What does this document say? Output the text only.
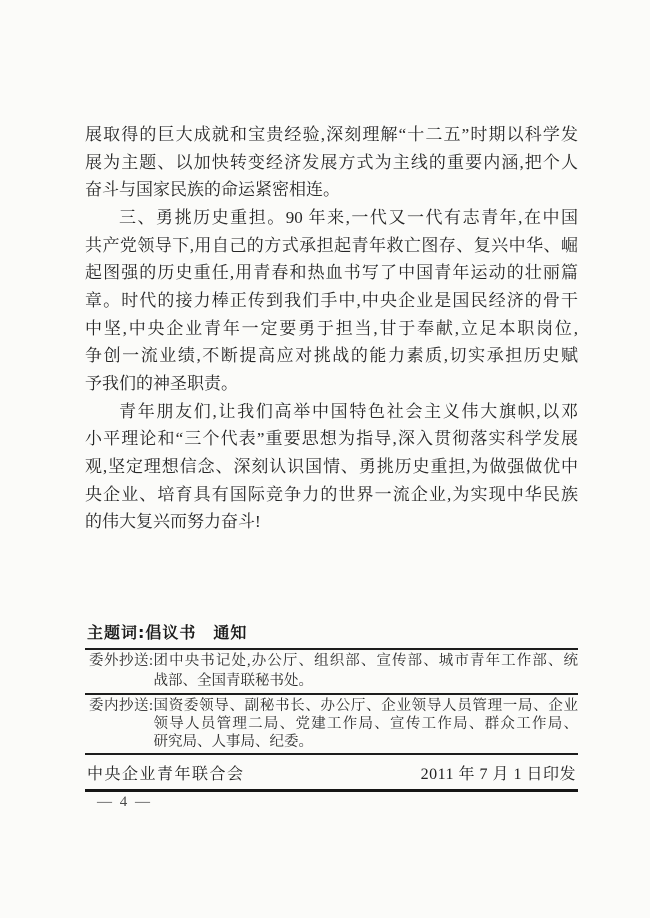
展取得的巨大成就和宝贵经验,深刻理解“十二五”时期以科学发
展为主题、以加快转变经济发展方式为主线的重要内涵,把个人
奋斗与国家民族的命运紧密相连。
三、勇挑历史重担。90 年来,一代又一代有志青年,在中国
共产党领导下,用自己的方式承担起青年救亡图存、复兴中华、崛
起图强的历史重任,用青春和热血书写了中国青年运动的壮丽篇
章。时代的接力棒正传到我们手中,中央企业是国民经济的骨干
中坚,中央企业青年一定要勇于担当,甘于奉献,立足本职岗位,
争创一流业绩,不断提高应对挑战的能力素质,切实承担历史赋
予我们的神圣职责。
青年朋友们,让我们高举中国特色社会主义伟大旗帜,以邓
小平理论和“三个代表”重要思想为指导,深入贯彻落实科学发展
观,坚定理想信念、深刻认识国情、勇挑历史重担,为做强做优中
央企业、培育具有国际竞争力的世界一流企业,为实现中华民族
的伟大复兴而努力奋斗!
主题词:倡议书　通知
委外抄送: 团中央书记处,办公厅、组织部、宣传部、城市青年工作部、统
战部、全国青联秘书处。
委内抄送: 国资委领导、副秘书长、办公厅、企业领导人员管理一局、企业
领导人员管理二局、党建工作局、宣传工作局、群众工作局、
研究局、人事局、纪委。
中央企业青年联合会	2011 年 7 月 1 日印发
— 4 —
